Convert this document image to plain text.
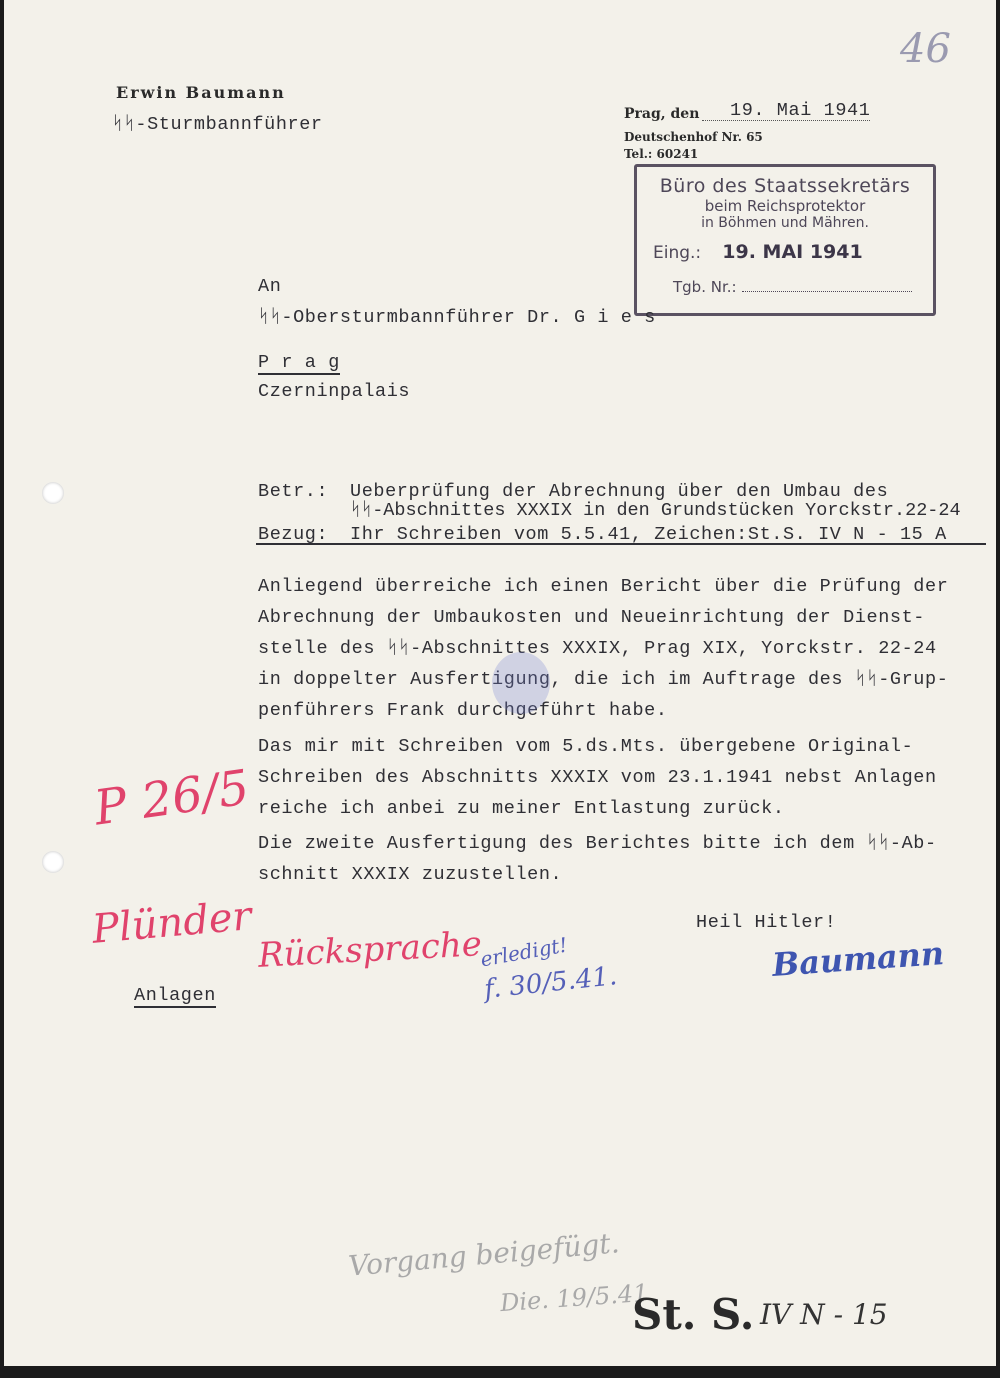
46
Erwin Baumann
ᛋᛋ-Sturmbannführer	Prag, den 19. Mai 1941
Deutschenhof Nr. 65
Tel.: 60241
Büro des Staatssekretärs
beim Reichsprotektor
in Böhmen und Mähren.
Eing.: 19. MAI 1941
Tgb. Nr.:
An
ᛋᛋ-Obersturmbannführer Dr. G i e s
P r a g
Czerninpalais
Betr.: Ueberprüfung der Abrechnung über den Umbau des
ᛋᛋ-Abschnittes XXXIX in den Grundstücken Yorckstr.22-24
Bezug: Ihr Schreiben vom 5.5.41, Zeichen:St.S. IV N - 15 A
Anliegend überreiche ich einen Bericht über die Prüfung der
Abrechnung der Umbaukosten und Neueinrichtung der Dienst-
stelle des ᛋᛋ-Abschnittes XXXIX, Prag XIX, Yorckstr. 22-24
in doppelter Ausfertigung, die ich im Auftrage des ᛋᛋ-Grup-
penführers Frank durchgeführt habe.
Das mir mit Schreiben vom 5.ds.Mts. übergebene Original-
Schreiben des Abschnitts XXXIX vom 23.1.1941 nebst Anlagen
reiche ich anbei zu meiner Entlastung zurück.
Die zweite Ausfertigung des Berichtes bitte ich dem ᛋᛋ-Ab-
schnitt XXXIX zuzustellen.
Heil Hitler!
Baumann
Anlagen
P 26/5
Plünder Rücksprache
erledigt!
f. 30/5.41.
Vorgang beigefügt.
Die. 19/5.41
St. S. IV N - 15
